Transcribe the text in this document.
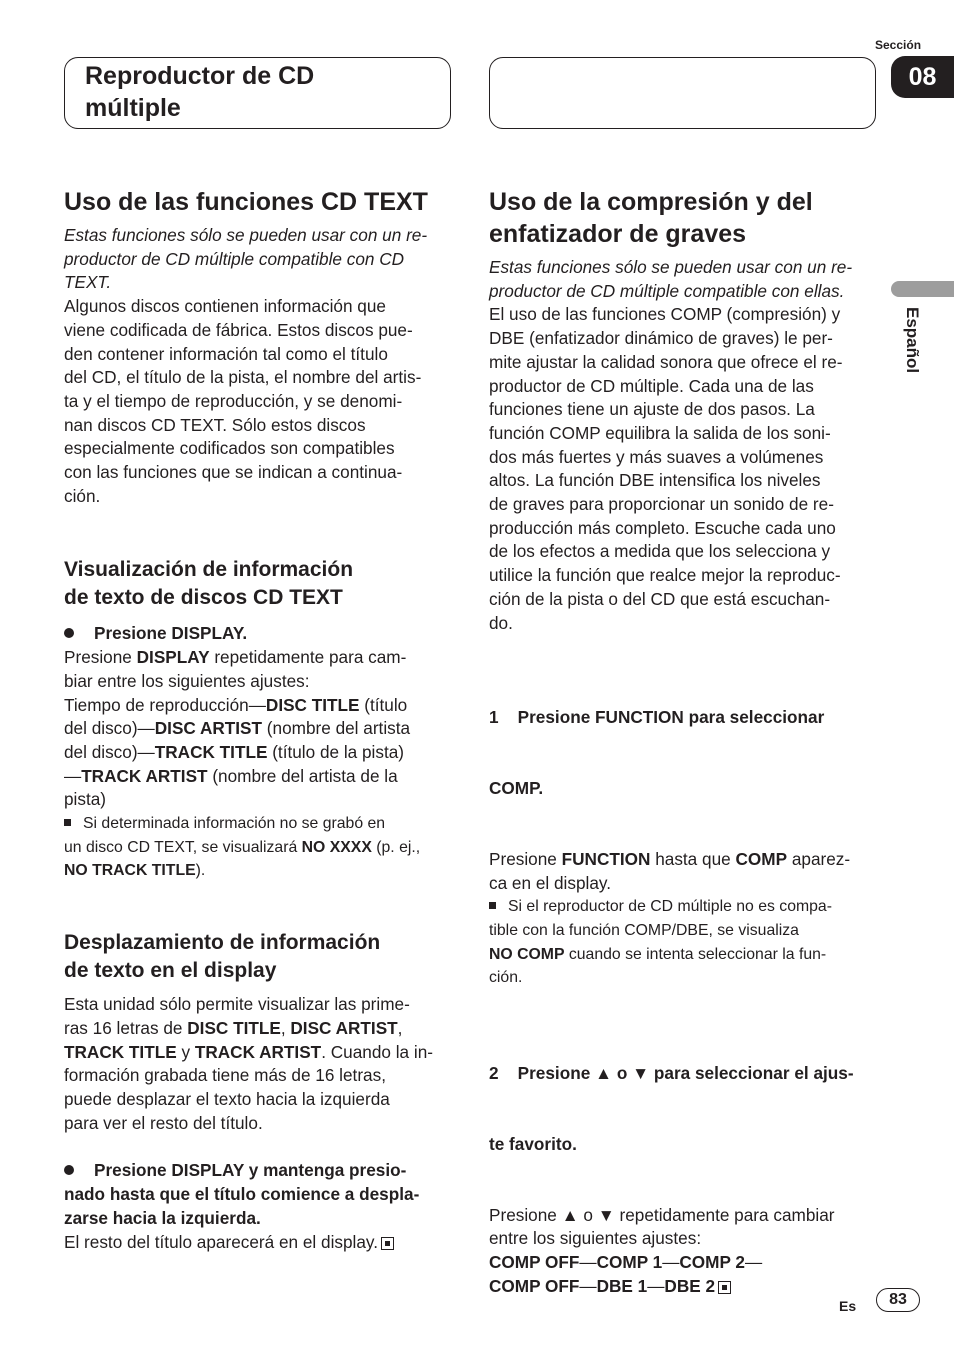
Reproductor de CD
múltiple
Sección
08
Español
Uso de las funciones CD TEXT
Estas funciones sólo se pueden usar con un re-
productor de CD múltiple compatible con CD
TEXT.
Algunos discos contienen información que
viene codificada de fábrica. Estos discos pue-
den contener información tal como el título
del CD, el título de la pista, el nombre del artis-
ta y el tiempo de reproducción, y se denomi-
nan discos CD TEXT. Sólo estos discos
especialmente codificados son compatibles
con las funciones que se indican a continua-
ción.
Visualización de información
de texto de discos CD TEXT
Presione DISPLAY.
Presione DISPLAY repetidamente para cam-
biar entre los siguientes ajustes:
Tiempo de reproducción—DISC TITLE (título
del disco)—DISC ARTIST (nombre del artista
del disco)—TRACK TITLE (título de la pista)
—TRACK ARTIST (nombre del artista de la
pista)
Si determinada información no se grabó en
un disco CD TEXT, se visualizará NO XXXX (p. ej.,
NO TRACK TITLE).
Desplazamiento de información
de texto en el display
Esta unidad sólo permite visualizar las prime-
ras 16 letras de DISC TITLE, DISC ARTIST,
TRACK TITLE y TRACK ARTIST. Cuando la in-
formación grabada tiene más de 16 letras,
puede desplazar el texto hacia la izquierda
para ver el resto del título.
Presione DISPLAY y mantenga presio-
nado hasta que el título comience a despla-
zarse hacia la izquierda.
El resto del título aparecerá en el display.
Uso de la compresión y del
enfatizador de graves
Estas funciones sólo se pueden usar con un re-
productor de CD múltiple compatible con ellas.
El uso de las funciones COMP (compresión) y
DBE (enfatizador dinámico de graves) le per-
mite ajustar la calidad sonora que ofrece el re-
productor de CD múltiple. Cada una de las
funciones tiene un ajuste de dos pasos. La
función COMP equilibra la salida de los soni-
dos más fuertes y más suaves a volúmenes
altos. La función DBE intensifica los niveles
de graves para proporcionar un sonido de re-
producción más completo. Escuche cada uno
de los efectos a medida que los selecciona y
utilice la función que realce mejor la reproduc-
ción de la pista o del CD que está escuchan-
do.

1    Presione FUNCTION para seleccionar

COMP.

Presione FUNCTION hasta que COMP aparez-
ca en el display.
Si el reproductor de CD múltiple no es compa-
tible con la función COMP/DBE, se visualiza
NO COMP cuando se intenta seleccionar la fun-
ción.

2    Presione ▲ o ▼ para seleccionar el ajus-

te favorito.

Presione ▲ o ▼ repetidamente para cambiar
entre los siguientes ajustes:
COMP OFF—COMP 1—COMP 2—
COMP OFF—DBE 1—DBE 2
Es	83
